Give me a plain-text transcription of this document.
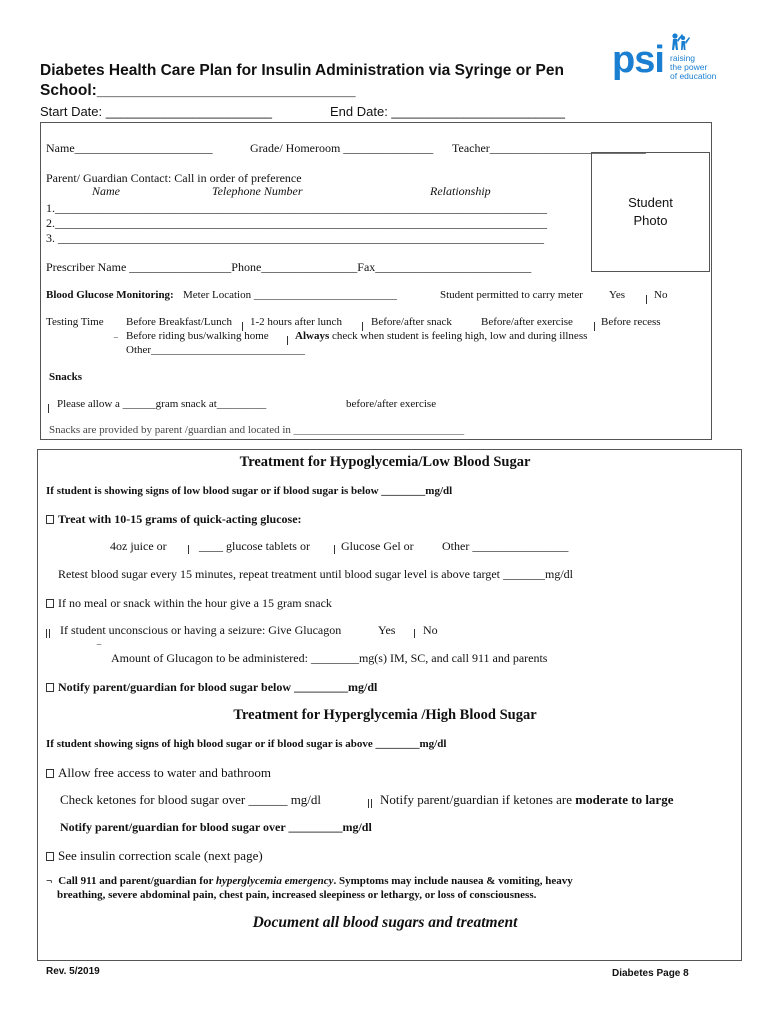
Diabetes Health Care Plan for Insulin Administration via Syringe or Pen
School:______________________________
Start Date: _______________________	End Date: ________________________
psi raising
the power
of education
Name_______________________	Grade/ Homeroom _______________ Teacher__________________________
Parent/ Guardian Contact: Call in order of preference
Name	Telephone Number	Relationship
1.__________________________________________________________________________________
2.__________________________________________________________________________________
3. _________________________________________________________________________________
Student
Photo
Prescriber Name _________________Phone________________Fax__________________________
Blood Glucose Monitoring: Meter Location __________________________	Student permitted to carry meter Yes	No
Testing Time Before Breakfast/Lunch 1-2 hours after lunch	Before/after snack	Before/after exercise	Before recess
Before riding bus/walking home Always check when student is feeling high, low and during illness
‾
Other____________________________
Snacks
Please allow a ______gram snack at_________	before/after exercise
Snacks are provided by parent /guardian and located in _______________________________
Treatment for Hypoglycemia/Low Blood Sugar
If student is showing signs of low blood sugar or if blood sugar is below ________mg/dl
Treat with 10-15 grams of quick-acting glucose:
4oz juice or	____ glucose tablets or	Glucose Gel or Other ________________
Retest blood sugar every 15 minutes, repeat treatment until blood sugar level is above target _______mg/dl
If no meal or snack within the hour give a 15 gram snack
If student unconscious or having a seizure: Give Glucagon	Yes No
‾
Amount of Glucagon to be administered: ________mg(s) IM, SC, and call 911 and parents
Notify parent/guardian for blood sugar below _________mg/dl
Treatment for Hyperglycemia /High Blood Sugar
If student showing signs of high blood sugar or if blood sugar is above ________mg/dl
Allow free access to water and bathroom
Check ketones for blood sugar over ______ mg/dl	Notify parent/guardian if ketones are moderate to large
Notify parent/guardian for blood sugar over _________mg/dl
See insulin correction scale (next page)
¬ Call 911 and parent/guardian for hyperglycemia emergency. Symptoms may include nausea & vomiting, heavy
breathing, severe abdominal pain, chest pain, increased sleepiness or lethargy, or loss of consciousness.
Document all blood sugars and treatment
Rev. 5/2019	Diabetes Page 8
